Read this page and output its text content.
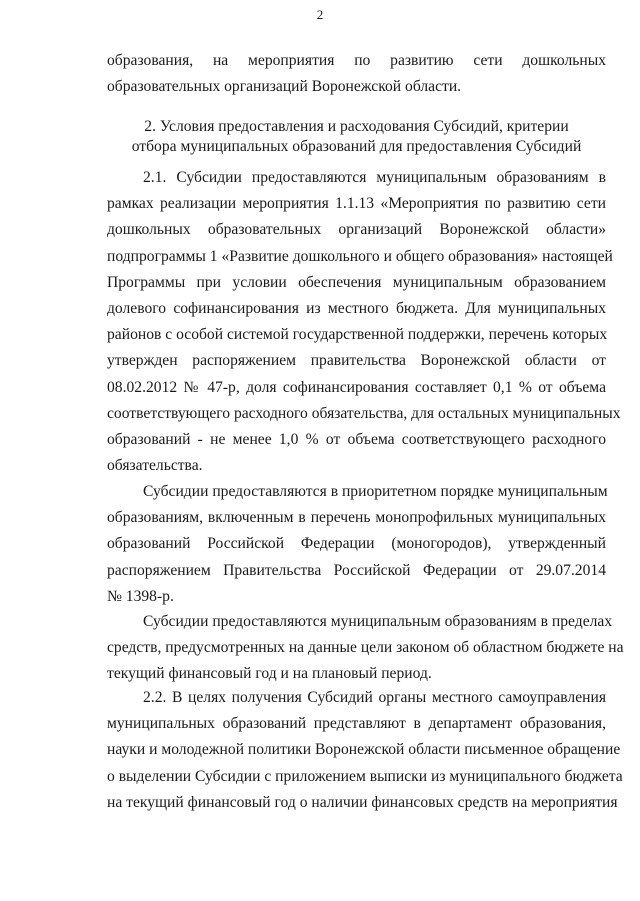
2
образования, на мероприятия по развитию сети дошкольных
образовательных организаций Воронежской области.
2. Условия предоставления и расходования Субсидий, критерии
отбора муниципальных образований для предоставления Субсидий
2.1. Субсидии предоставляются муниципальным образованиям в
рамках реализации мероприятия 1.1.13 «Мероприятия по развитию сети
дошкольных образовательных организаций Воронежской области»
подпрограммы 1 «Развитие дошкольного и общего образования» настоящей
Программы при условии обеспечения муниципальным образованием
долевого софинансирования из местного бюджета. Для муниципальных
районов с особой системой государственной поддержки, перечень которых
утвержден распоряжением правительства Воронежской области от
08.02.2012 № 47-р, доля софинансирования составляет 0,1 % от объема
соответствующего расходного обязательства, для остальных муниципальных
образований - не менее 1,0 % от объема соответствующего расходного
обязательства.
Субсидии предоставляются в приоритетном порядке муниципальным
образованиям, включенным в перечень монопрофильных муниципальных
образований Российской Федерации (моногородов), утвержденный
распоряжением Правительства Российской Федерации от 29.07.2014
№ 1398-р.
Субсидии предоставляются муниципальным образованиям в пределах
средств, предусмотренных на данные цели законом об областном бюджете на
текущий финансовый год и на плановый период.
2.2. В целях получения Субсидий органы местного самоуправления
муниципальных образований представляют в департамент образования,
науки и молодежной политики Воронежской области письменное обращение
о выделении Субсидии с приложением выписки из муниципального бюджета
на текущий финансовый год о наличии финансовых средств на мероприятия
